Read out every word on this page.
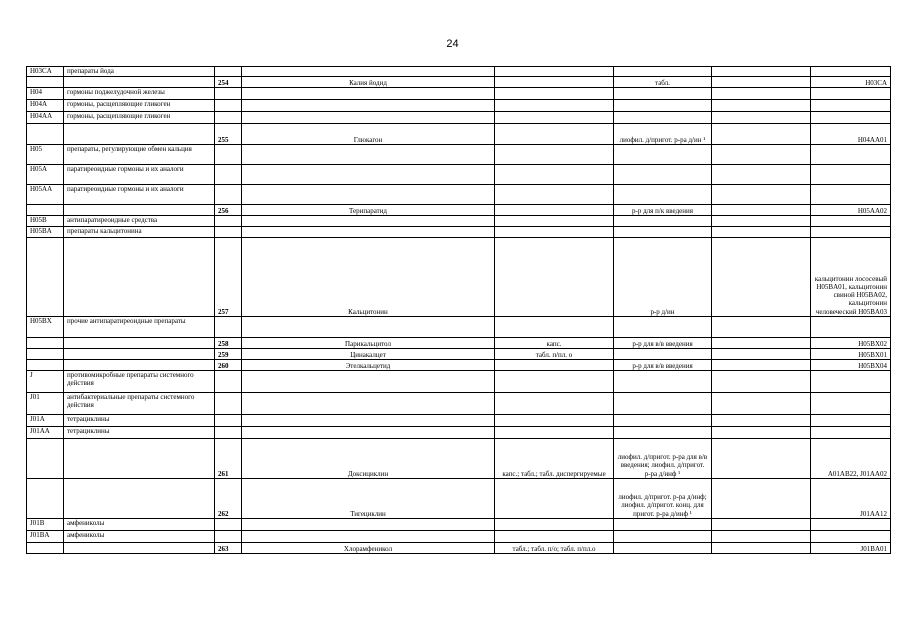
24
H03CA	препараты йода						
		254	Калия йодид		табл.		H03CA
H04	гормоны поджелудочной железы						
H04A	гормоны, расщепляющие гликоген						
H04AA	гормоны, расщепляющие гликоген						
		255	Глюкагон		лиофил. д/пригот. р-ра д/ин ¹		H04AA01
H05	препараты, регулирующие обмен кальция						
H05A	паратиреоидные гормоны и их аналоги						
H05AA	паратиреоидные гормоны и их аналоги						
		256	Терипаратид		р-р для п/к введения		H05AA02
H05B	антипаратиреоидные средства						
H05BA	препараты кальцитонина						
		257	Кальцитонин		р-р д/ин		кальцитонин лососевый H05BA01, кальцитонин свиной H05BA02, кальцитонин человеческий H05BA03
H05BX	прочие антипаратиреоидные препараты						
		258	Парикальцитол	капс.	р-р для в/в введения		H05BX02
		259	Цинакалцет	табл. п/пл. о			H05BX01
		260	Этелкальцетид		р-р для в/в введения		H05BX04
J	противомикробные препараты системного действия						
J01	антибактериальные препараты системного действия						
J01A	тетрациклины						
J01AA	тетрациклины						
		261	Доксициклин	капс.; табл.; табл. диспергируемые	лиофил. д/пригот. р-ра для в/в введения; лиофил. д/пригот. р-ра д/инф ¹		A01AB22, J01AA02
		262	Тигециклин		лиофил. д/пригот. р-ра д/инф; лиофил. д/пригот. конц. для пригот. р-ра д/инф ¹		J01AA12
J01B	амфениколы						
J01BA	амфениколы						
		263	Хлорамфеникол	табл.; табл. п/о; табл. п/пл.о			J01BA01
